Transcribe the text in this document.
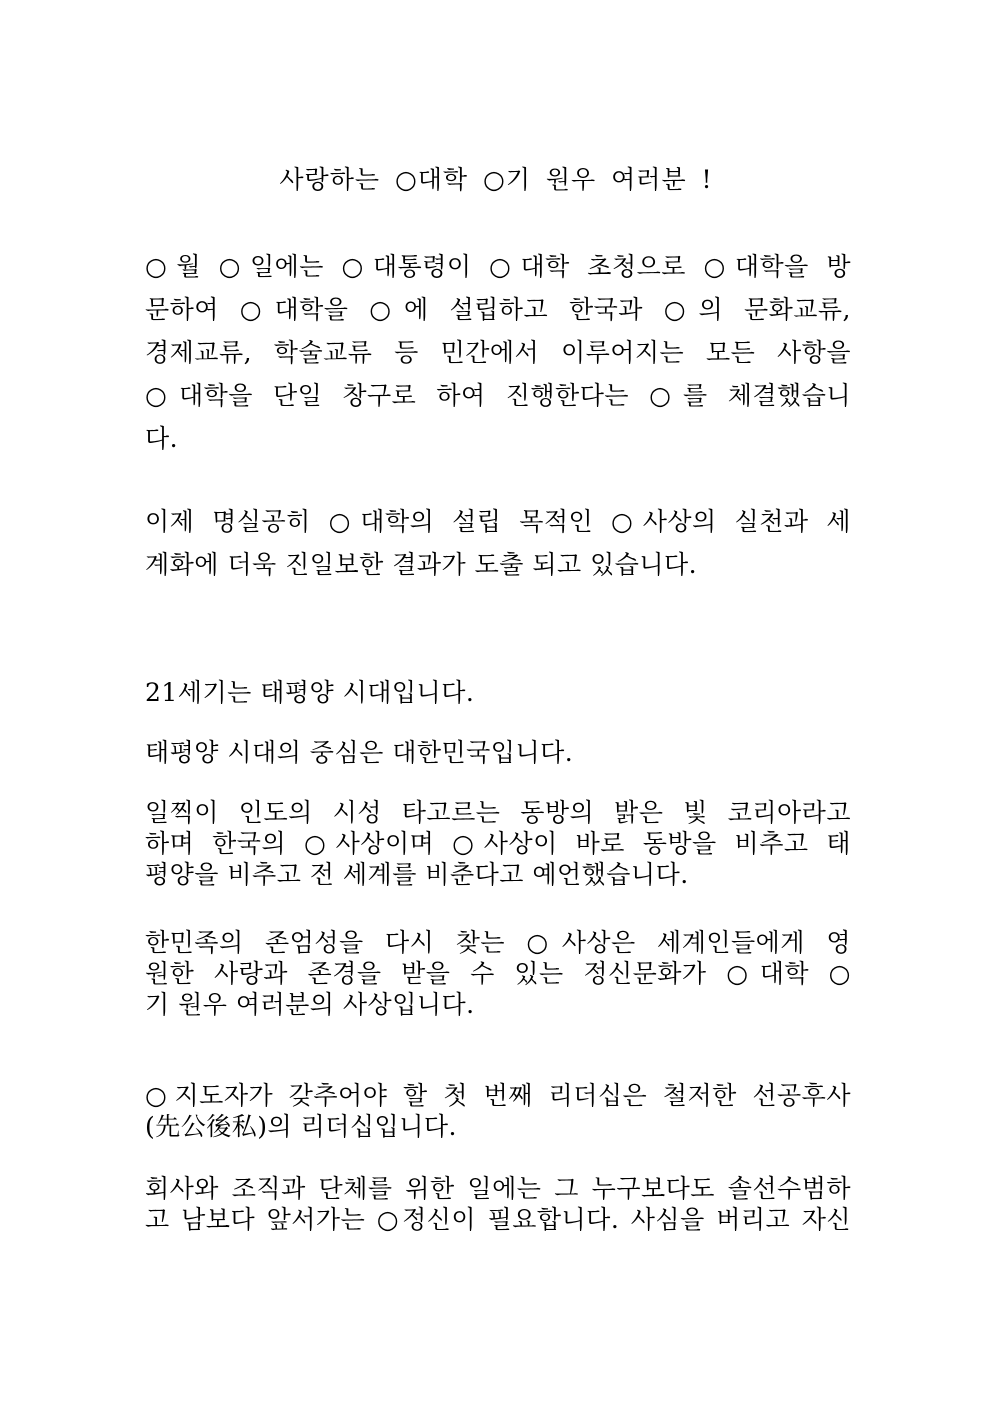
사랑하는 ○대학 ○기 원우 여러분 !

○월 ○일에는 ○대통령이 ○대학 초청으로 ○대학을 방
문하여 ○대학을 ○에 설립하고 한국과 ○의 문화교류,
경제교류, 학술교류 등 민간에서 이루어지는 모든 사항을
○대학을 단일 창구로 하여 진행한다는 ○를 체결했습니
다.

이제 명실공히 ○대학의 설립 목적인 ○사상의 실천과 세
계화에 더욱 진일보한 결과가 도출 되고 있습니다.

21세기는 태평양 시대입니다.

태평양 시대의 중심은 대한민국입니다.

일찍이 인도의 시성 타고르는 동방의 밝은 빛 코리아라고
하며 한국의 ○사상이며 ○사상이 바로 동방을 비추고 태
평양을 비추고 전 세계를 비춘다고 예언했습니다.

한민족의 존엄성을 다시 찾는 ○사상은 세계인들에게 영
원한 사랑과 존경을 받을 수 있는 정신문화가 ○대학 ○
기 원우 여러분의 사상입니다.

○지도자가 갖추어야 할 첫 번째 리더십은 철저한 선공후사
(先公後私)의 리더십입니다.

회사와 조직과 단체를 위한 일에는 그 누구보다도 솔선수범하
고 남보다 앞서가는 ○정신이 필요합니다. 사심을 버리고 자신
